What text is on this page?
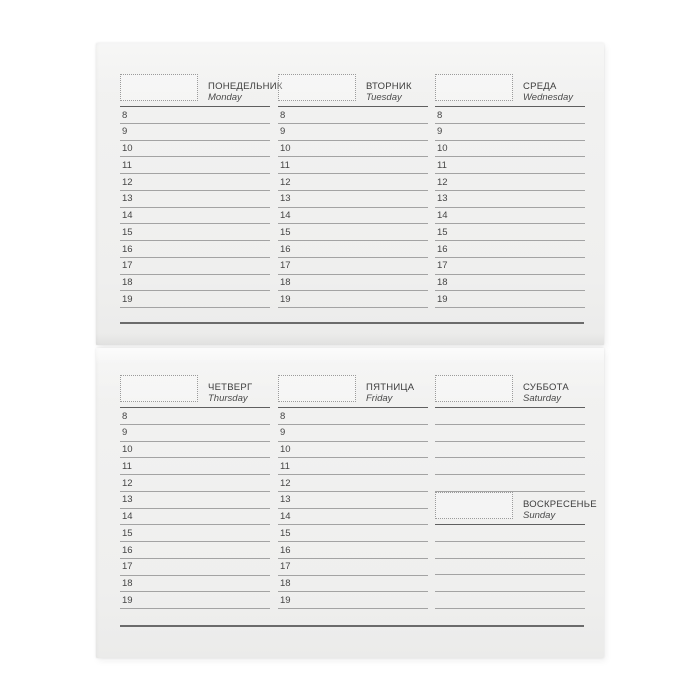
ПОНЕДЕЛЬНИК
Monday
8
9
10
11
12
13
14
15
16
17
18
19
ВТОРНИК
Tuesday
8
9
10
11
12
13
14
15
16
17
18
19
СРЕДА
Wednesday
8
9
10
11
12
13
14
15
16
17
18
19
ЧЕТВЕРГ
Thursday
8
9
10
11
12
13
14
15
16
17
18
19
ПЯТНИЦА
Friday
8
9
10
11
12
13
14
15
16
17
18
19
СУББОТА
Saturday
ВОСКРЕСЕНЬЕ
Sunday
